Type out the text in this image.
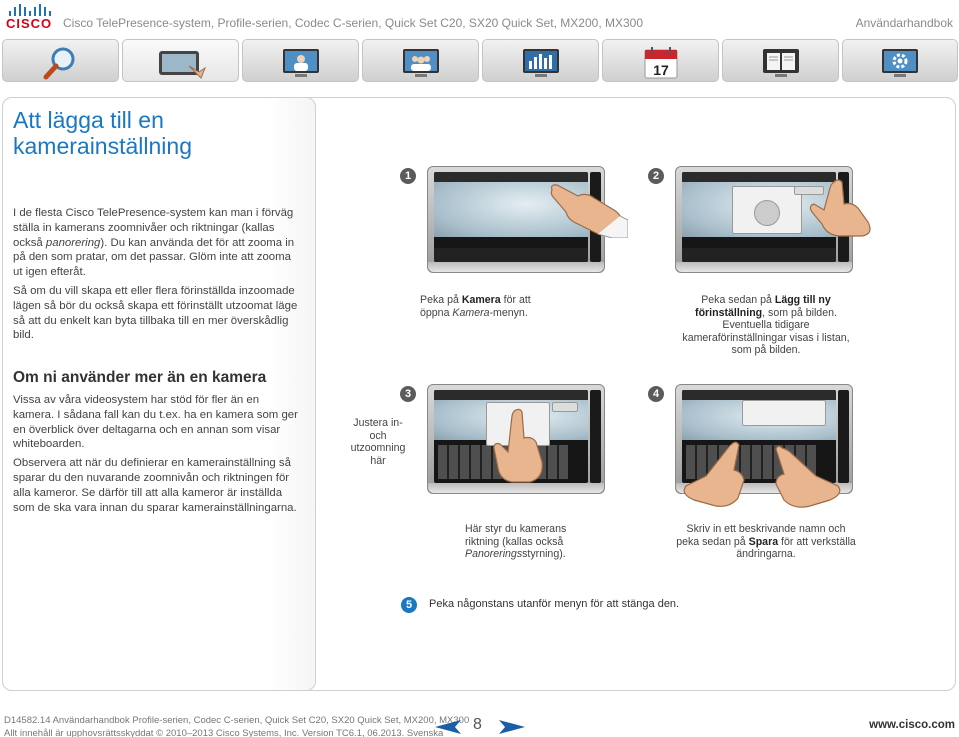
CISCO Cisco TelePresence-system, Profile-serien, Codec C-serien, Quick Set C20, SX20 Quick Set, MX200, MX300	Användarhandbok
17
Att lägga till en kamerainställning

I de flesta Cisco TelePresence-system kan man i förväg ställa in kamerans zoomnivåer och riktningar (kallas också panorering). Du kan använda det för att zooma in på den som pratar, om det passar. Glöm inte att zooma ut igen efteråt.

Så om du vill skapa ett eller flera förinställda inzoomade lägen så bör du också skapa ett förinställt utzoomat läge så att du enkelt kan byta tillbaka till en mer överskådlig bild.

Om ni använder mer än en kamera

Vissa av våra videosystem har stöd för fler än en kamera. I sådana fall kan du t.ex. ha en kamera som ger en överblick över deltagarna och en annan som visar whiteboarden.

Observera att när du definierar en kamerainställning så sparar du den nuvarande zoomnivån och riktningen för alla kameror. Se därför till att alla kameror är inställda som de ska vara innan du sparar kamerainställningarna.

1
Peka på Kamera för att öppna Kamera-menyn.
2
Peka sedan på Lägg till ny förinställning, som på bilden. Eventuella tidigare kameraförinställningar visas i listan, som på bilden.
3
Justera in- och utzoomning här
Här styr du kamerans riktning (kallas också Panoreringsstyrning).
4
Skriv in ett beskrivande namn och peka sedan på Spara för att verkställa ändringarna.
5	Peka någonstans utanför menyn för att stänga den.
D14582.14 Användarhandbok Profile-serien, Codec C-serien, Quick Set C20, SX20 Quick Set, MX200, MX300
Allt innehåll är upphovsrättsskyddat © 2010–2013 Cisco Systems, Inc. Version TC6.1, 06.2013. Svenska
8	www.cisco.com
